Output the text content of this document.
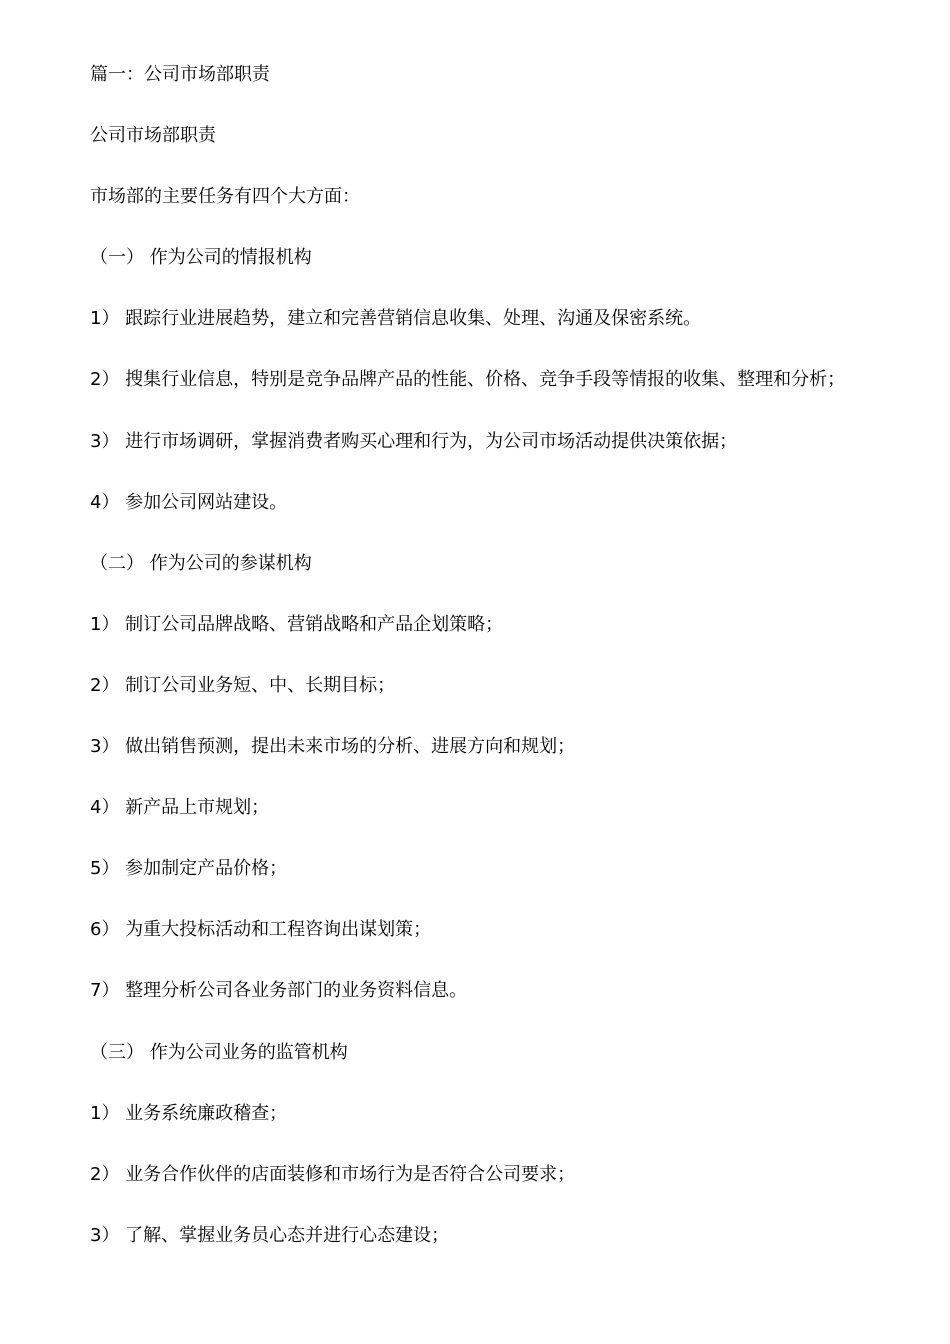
篇一：公司市场部职责

公司市场部职责

市场部的主要任务有四个大方面：

（一） 作为公司的情报机构

1） 跟踪行业进展趋势，建立和完善营销信息收集、处理、沟通及保密系统。

2） 搜集行业信息，特别是竞争品牌产品的性能、价格、竞争手段等情报的收集、整理和分析；

3） 进行市场调研，掌握消费者购买心理和行为，为公司市场活动提供决策依据；

4） 参加公司网站建设。

（二） 作为公司的参谋机构

1） 制订公司品牌战略、营销战略和产品企划策略；

2） 制订公司业务短、中、长期目标；

3） 做出销售预测，提出未来市场的分析、进展方向和规划；

4） 新产品上市规划；

5） 参加制定产品价格；

6） 为重大投标活动和工程咨询出谋划策；

7） 整理分析公司各业务部门的业务资料信息。

（三） 作为公司业务的监管机构

1） 业务系统廉政稽查；

2） 业务合作伙伴的店面装修和市场行为是否符合公司要求；

3） 了解、掌握业务员心态并进行心态建设；
